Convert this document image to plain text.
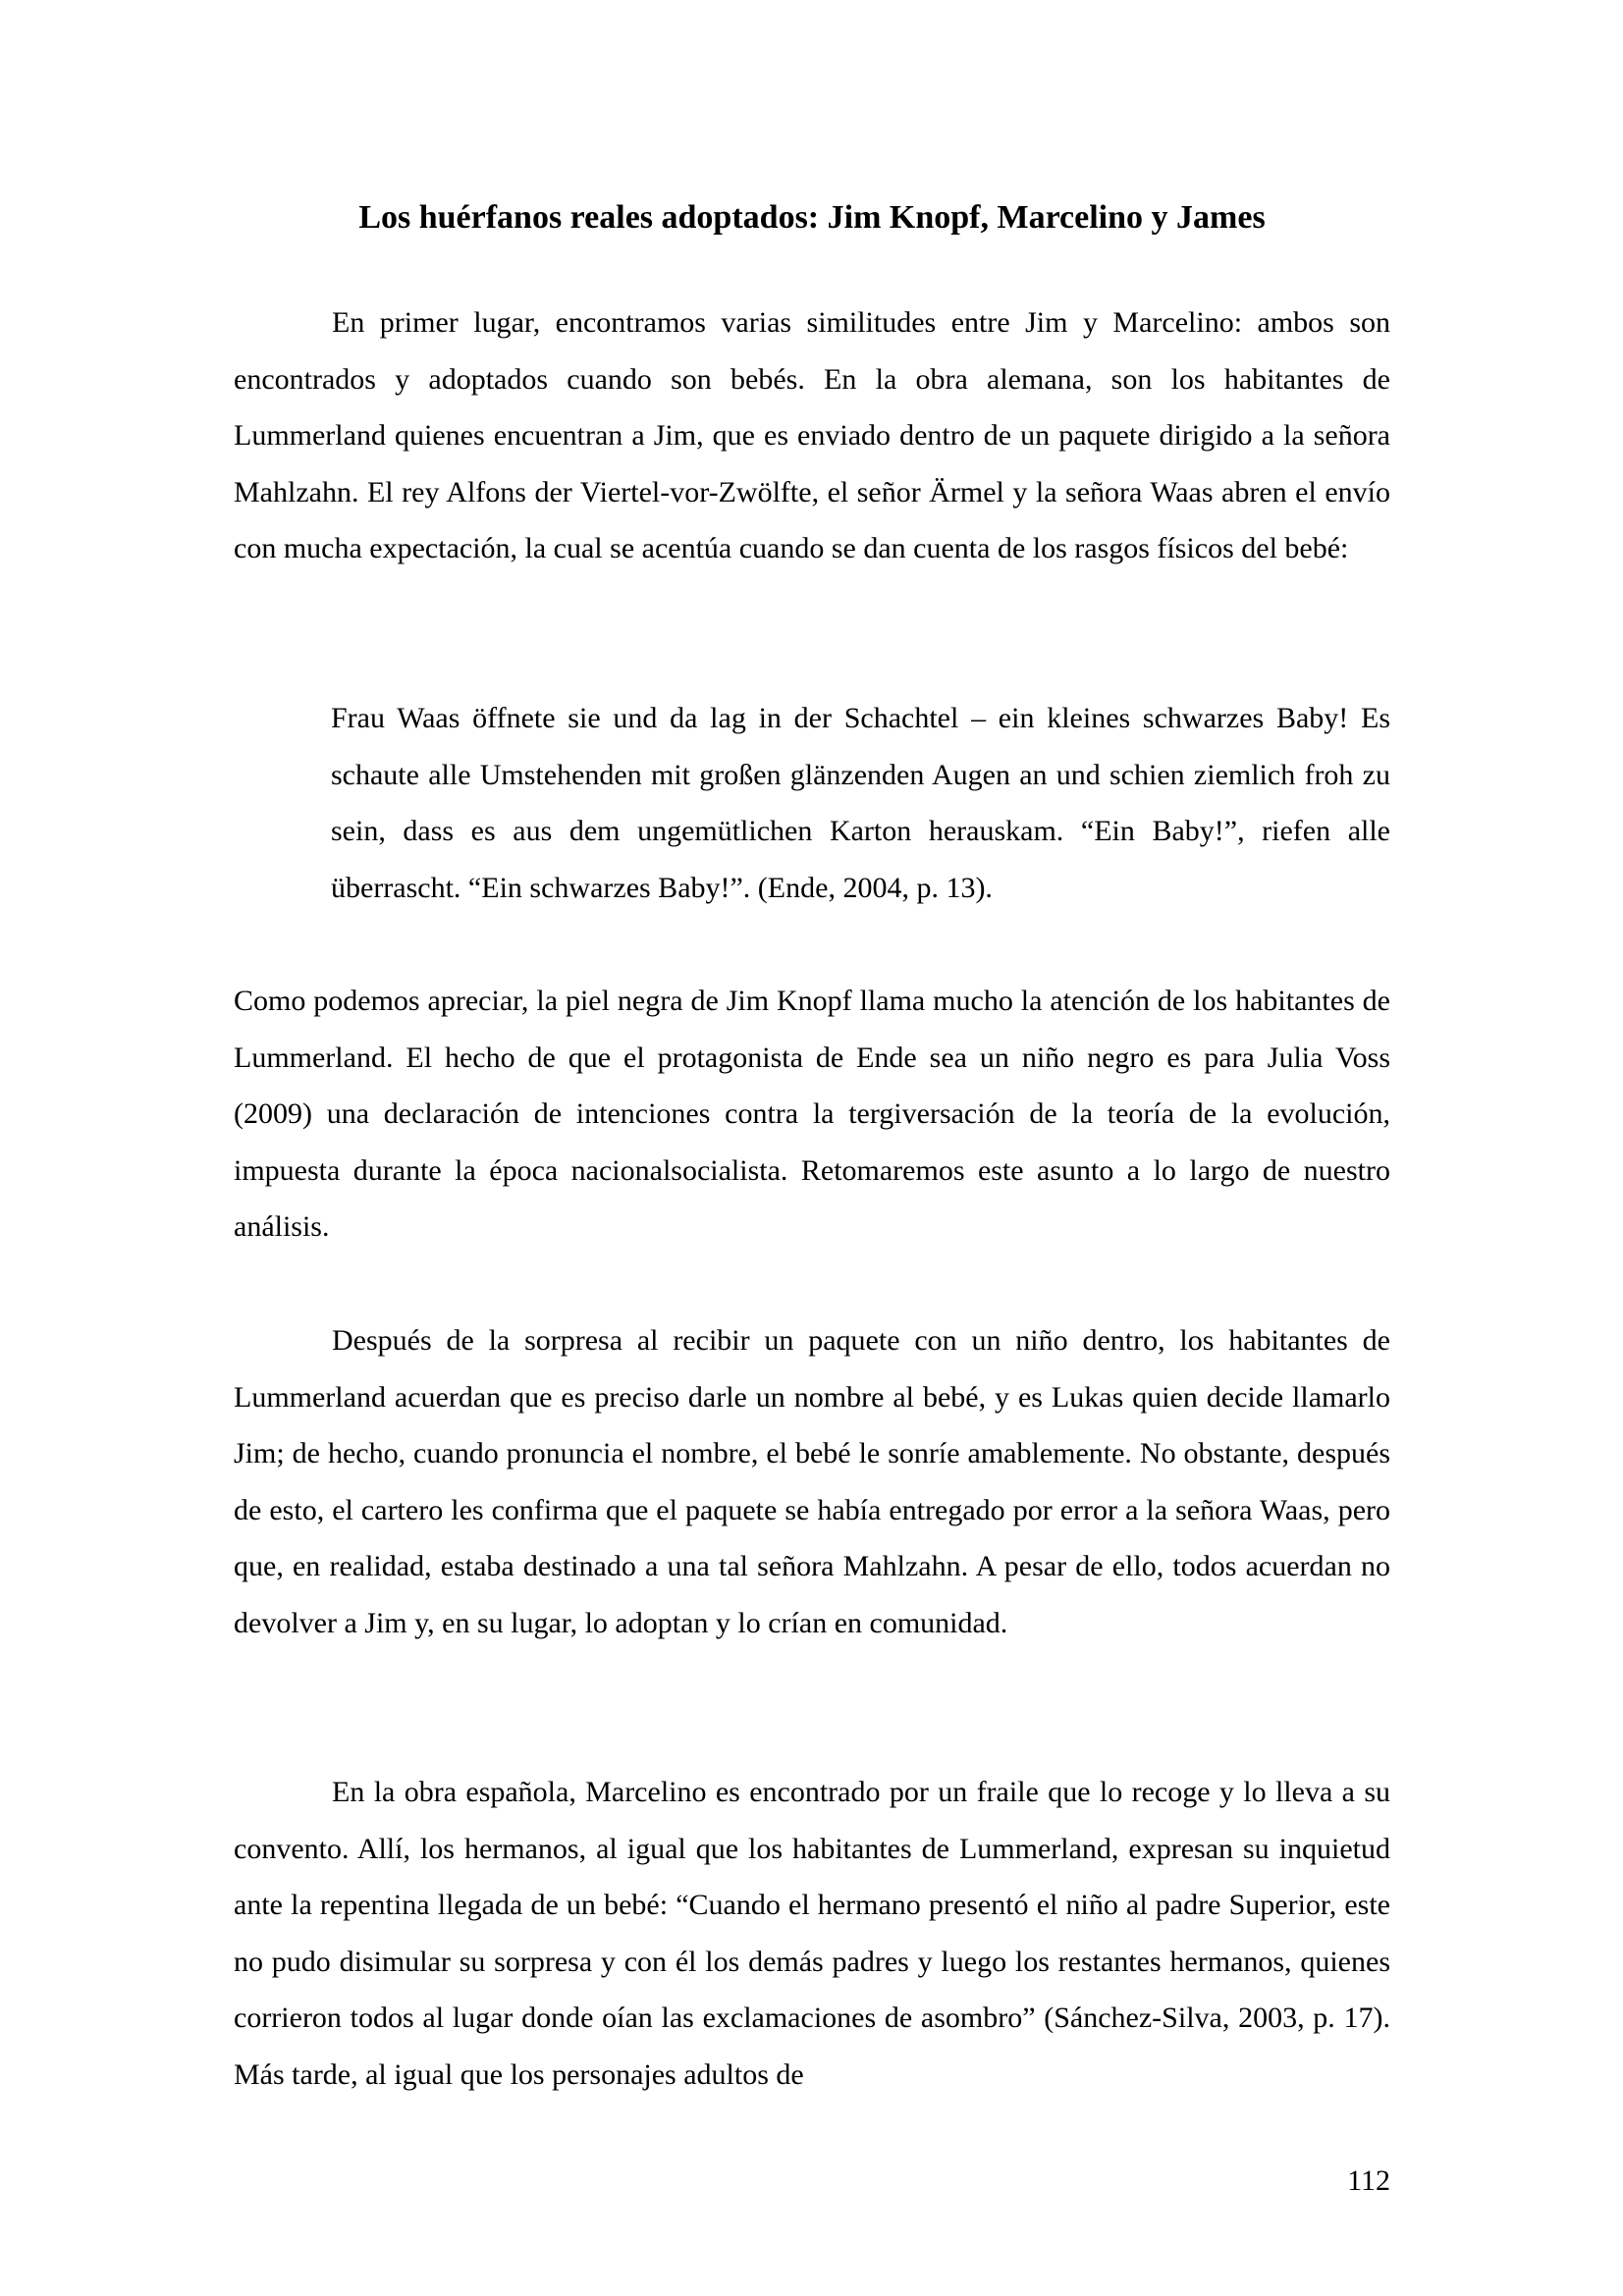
Los huérfanos reales adoptados: Jim Knopf, Marcelino y James

En primer lugar, encontramos varias similitudes entre Jim y Marcelino: ambos son encontrados y adoptados cuando son bebés. En la obra alemana, son los habitantes de Lummerland quienes encuentran a Jim, que es enviado dentro de un paquete dirigido a la señora Mahlzahn. El rey Alfons der Viertel-vor-Zwölfte, el señor Ärmel y la señora Waas abren el envío con mucha expectación, la cual se acentúa cuando se dan cuenta de los rasgos físicos del bebé:

Frau Waas öffnete sie und da lag in der Schachtel – ein kleines schwarzes Baby! Es schaute alle Umstehenden mit großen glänzenden Augen an und schien ziemlich froh zu sein, dass es aus dem ungemütlichen Karton herauskam. “Ein Baby!”, riefen alle überrascht. “Ein schwarzes Baby!”. (Ende, 2004, p. 13).

Como podemos apreciar, la piel negra de Jim Knopf llama mucho la atención de los habitantes de Lummerland. El hecho de que el protagonista de Ende sea un niño negro es para Julia Voss (2009) una declaración de intenciones contra la tergiversación de la teoría de la evolución, impuesta durante la época nacionalsocialista. Retomaremos este asunto a lo largo de nuestro análisis.

Después de la sorpresa al recibir un paquete con un niño dentro, los habitantes de Lummerland acuerdan que es preciso darle un nombre al bebé, y es Lukas quien decide llamarlo Jim; de hecho, cuando pronuncia el nombre, el bebé le sonríe amablemente. No obstante, después de esto, el cartero les confirma que el paquete se había entregado por error a la señora Waas, pero que, en realidad, estaba destinado a una tal señora Mahlzahn. A pesar de ello, todos acuerdan no devolver a Jim y, en su lugar, lo adoptan y lo crían en comunidad.

En la obra española, Marcelino es encontrado por un fraile que lo recoge y lo lleva a su convento. Allí, los hermanos, al igual que los habitantes de Lummerland, expresan su inquietud ante la repentina llegada de un bebé: “Cuando el hermano presentó el niño al padre Superior, este no pudo disimular su sorpresa y con él los demás padres y luego los restantes hermanos, quienes corrieron todos al lugar donde oían las exclamaciones de asombro” (Sánchez-Silva, 2003, p. 17). Más tarde, al igual que los personajes adultos de

112
